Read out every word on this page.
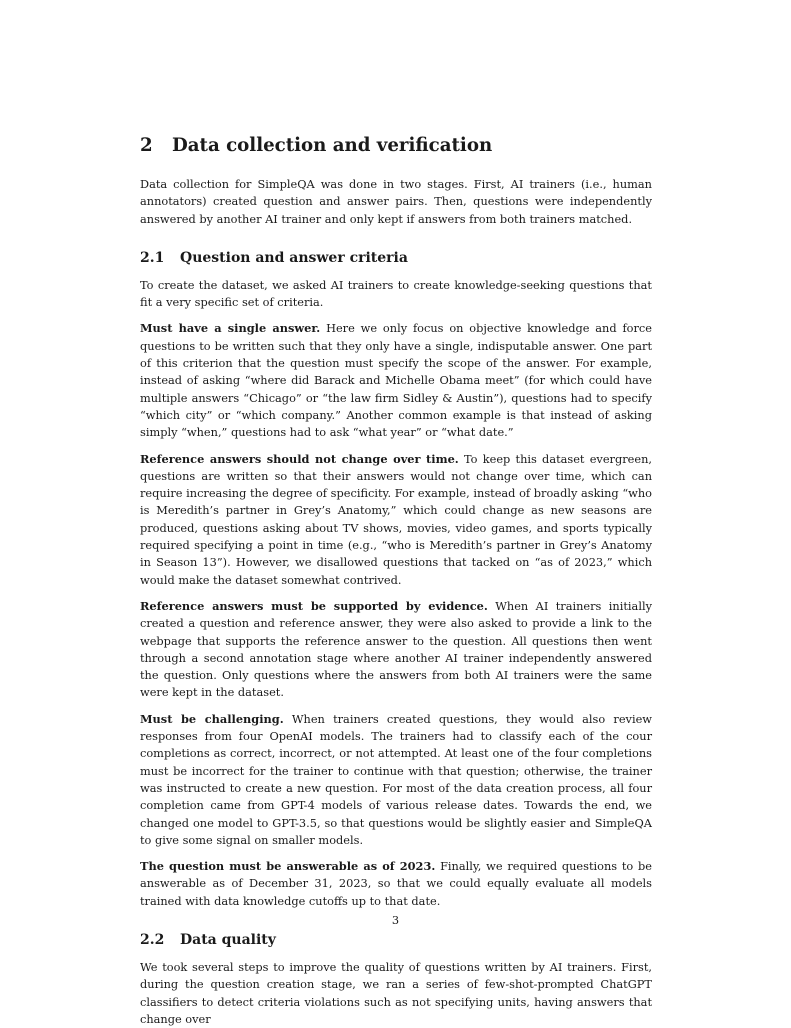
2 Data collection and verification

Data collection for SimpleQA was done in two stages. First, AI trainers (i.e., human annotators) created question and answer pairs. Then, questions were independently answered by another AI trainer and only kept if answers from both trainers matched.

2.1 Question and answer criteria

To create the dataset, we asked AI trainers to create knowledge-seeking questions that fit a very specific set of criteria.

Must have a single answer. Here we only focus on objective knowledge and force questions to be written such that they only have a single, indisputable answer. One part of this criterion that the question must specify the scope of the answer. For example, instead of asking “where did Barack and Michelle Obama meet” (for which could have multiple answers “Chicago” or “the law firm Sidley & Austin”), questions had to specify “which city” or “which company.” Another common example is that instead of asking simply “when,” questions had to ask “what year” or “what date.”

Reference answers should not change over time. To keep this dataset evergreen, questions are written so that their answers would not change over time, which can require increasing the degree of specificity. For example, instead of broadly asking “who is Meredith’s partner in Grey’s Anatomy,” which could change as new seasons are produced, questions asking about TV shows, movies, video games, and sports typically required specifying a point in time (e.g., “who is Meredith’s partner in Grey’s Anatomy in Season 13”). However, we disallowed questions that tacked on “as of 2023,” which would make the dataset somewhat contrived.

Reference answers must be supported by evidence. When AI trainers initially created a question and reference answer, they were also asked to provide a link to the webpage that supports the reference answer to the question. All questions then went through a second annotation stage where another AI trainer independently answered the question. Only questions where the answers from both AI trainers were the same were kept in the dataset.

Must be challenging. When trainers created questions, they would also review responses from four OpenAI models. The trainers had to classify each of the cour completions as correct, incorrect, or not attempted. At least one of the four completions must be incorrect for the trainer to continue with that question; otherwise, the trainer was instructed to create a new question. For most of the data creation process, all four completion came from GPT-4 models of various release dates. Towards the end, we changed one model to GPT-3.5, so that questions would be slightly easier and SimpleQA to give some signal on smaller models.

The question must be answerable as of 2023. Finally, we required questions to be answerable as of December 31, 2023, so that we could equally evaluate all models trained with data knowledge cutoffs up to that date.

2.2 Data quality

We took several steps to improve the quality of questions written by AI trainers. First, during the question creation stage, we ran a series of few-shot-prompted ChatGPT classifiers to detect criteria violations such as not specifying units, having answers that change over

3
